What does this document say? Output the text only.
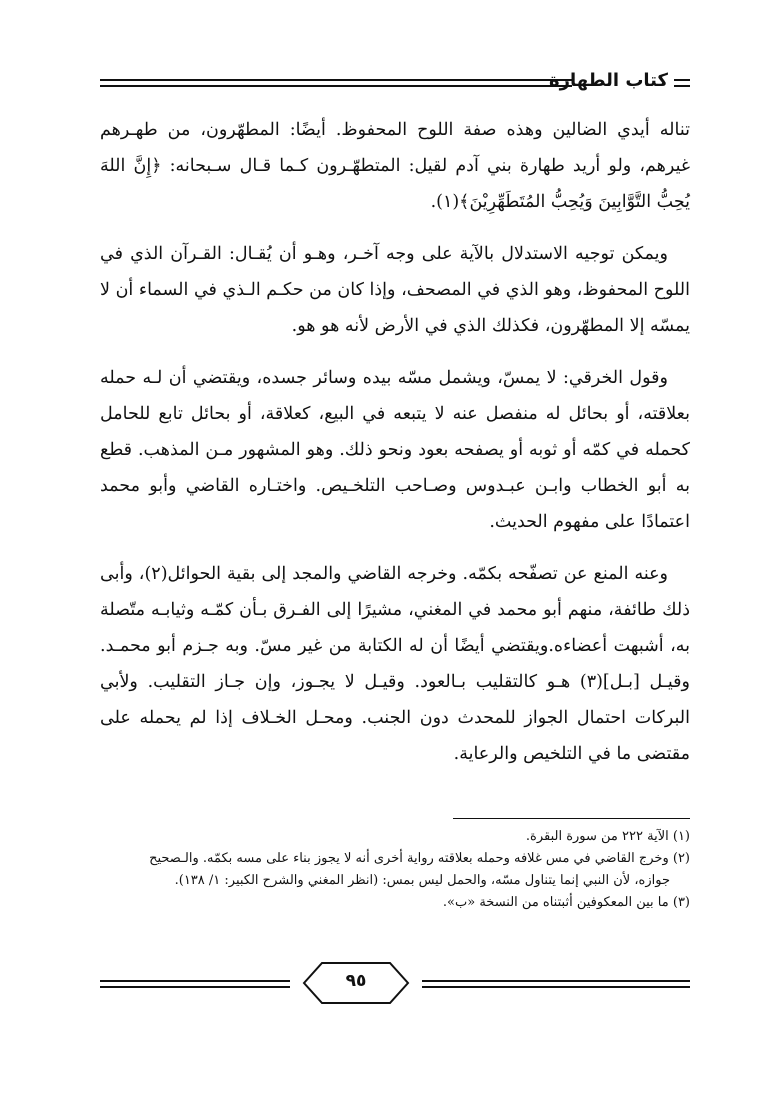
كتاب الطهارة

تناله أيدي الضالين وهذه صفة اللوح المحفوظ. أيضًا: المطهّرون، من طهـرهم غيرهم، ولو أريد طهارة بني آدم لقيل: المتطهّـرون كـما قـال سـبحانه: ﴿إِنَّ اللهَ يُحِبُّ التَّوَّابِينَ وَيُحِبُّ المُتَطَهِّرِيْنَ﴾(١).

ويمكن توجيه الاستدلال بالآية على وجه آخـر، وهـو أن يُقـال: القـرآن الذي في اللوح المحفوظ، وهو الذي في المصحف، وإذا كان من حكـم الـذي في السماء أن لا يمسّه إلا المطهّرون، فكذلك الذي في الأرض لأنه هو هو.

وقول الخرقي: لا يمسّ، ويشمل مسّه بيده وسائر جسده، ويقتضي أن لـه حمله بعلاقته، أو بحائل له منفصل عنه لا يتبعه في البيع، كعلاقة، أو بحائل تابع للحامل كحمله في كمّه أو ثوبه أو يصفحه بعود ونحو ذلك. وهو المشهور مـن المذهب. قطع به أبو الخطاب وابـن عبـدوس وصـاحب التلخـيص. واختـاره القاضي وأبو محمد اعتمادًا على مفهوم الحديث.

وعنه المنع عن تصفّحه بكمّه. وخرجه القاضي والمجد إلى بقية الحوائل(٢)، وأبى ذلك طائفة، منهم أبو محمد في المغني، مشيرًا إلى الفـرق بـأن كمّـه وثيابـه متّصلة به، أشبهت أعضاءه.ويقتضي أيضًا أن له الكتابة من غير مسّ. وبه جـزم أبو محمـد. وقيـل [بـل](٣) هـو كالتقليب بـالعود. وقيـل لا يجـوز، وإن جـاز التقليب. ولأبي البركات احتمال الجواز للمحدث دون الجنب. ومحـل الخـلاف إذا لم يحمله على مقتضى ما في التلخيص والرعاية.

(١) الآية ٢٢٢ من سورة البقرة.
(٢) وخرج القاضي في مس غلافه وحمله بعلاقته رواية أخرى أنه لا يجوز بناء على مسه بكمّه. والـصحيح
جوازه، لأن النبي إنما يتناول مسّه، والحمل ليس بمس: (انظر المغني والشرح الكبير: ١/ ١٣٨).
(٣) ما بين المعكوفين أثبتناه من النسخة «ب».
٩٥
